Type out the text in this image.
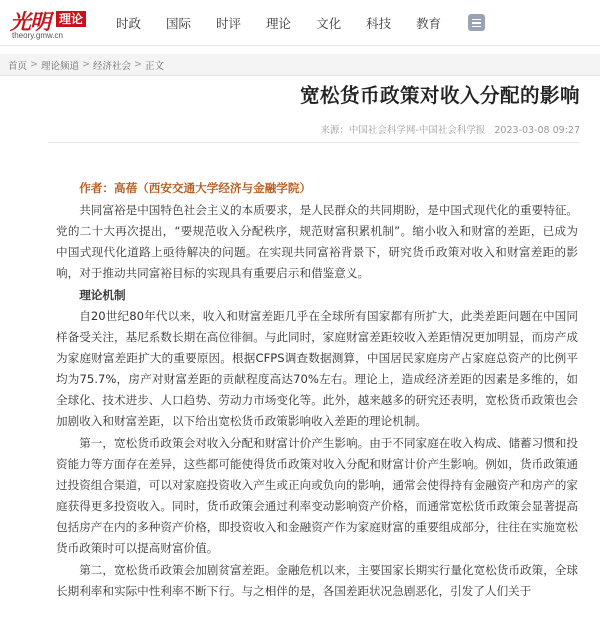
光明 理论
theory.gmw.cn
时政 国际 时评 理论 文化 科技 教育
首页 > 理论频道 > 经济社会 > 正文
宽松货币政策对收入分配的影响
来源：中国社会科学网-中国社会科学报 2023-03-08 09:27

作者：高蓓（西安交通大学经济与金融学院）

共同富裕是中国特色社会主义的本质要求，是人民群众的共同期盼，是中国式现代化的重要特征。党的二十大再次提出，“要规范收入分配秩序，规范财富积累机制”。缩小收入和财富的差距，已成为中国式现代化道路上亟待解决的问题。在实现共同富裕背景下，研究货币政策对收入和财富差距的影响，对于推动共同富裕目标的实现具有重要启示和借鉴意义。

理论机制

自20世纪80年代以来，收入和财富差距几乎在全球所有国家都有所扩大，此类差距问题在中国同样备受关注，基尼系数长期在高位徘徊。与此同时，家庭财富差距较收入差距情况更加明显，而房产成为家庭财富差距扩大的重要原因。根据CFPS调查数据测算，中国居民家庭房产占家庭总资产的比例平均为75.7%，房产对财富差距的贡献程度高达70%左右。理论上，造成经济差距的因素是多维的，如全球化、技术进步、人口趋势、劳动力市场变化等。此外，越来越多的研究还表明，宽松货币政策也会加剧收入和财富差距，以下给出宽松货币政策影响收入差距的理论机制。

第一，宽松货币政策会对收入分配和财富计价产生影响。由于不同家庭在收入构成、储蓄习惯和投资能力等方面存在差异，这些都可能使得货币政策对收入分配和财富计价产生影响。例如，货币政策通过投资组合渠道，可以对家庭投资收入产生或正向或负向的影响，通常会使得持有金融资产和房产的家庭获得更多投资收入。同时，货币政策会通过利率变动影响资产价格，而通常宽松货币政策会显著提高包括房产在内的多种资产价格，即投资收入和金融资产作为家庭财富的重要组成部分，往往在实施宽松货币政策时可以提高财富价值。

第二，宽松货币政策会加剧贫富差距。金融危机以来，主要国家长期实行量化宽松货币政策，全球长期利率和实际中性利率不断下行。与之相伴的是，各国差距状况急剧恶化，引发了人们关于
